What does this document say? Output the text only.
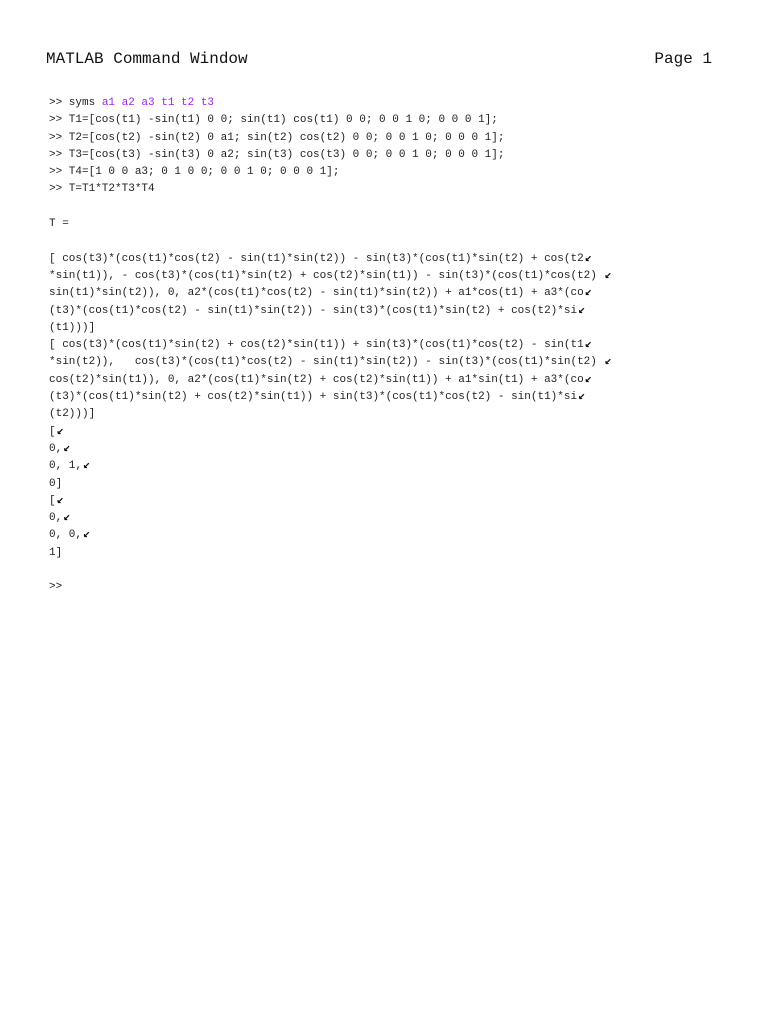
MATLAB Command Window	Page 1
>> syms a1 a2 a3 t1 t2 t3
>> T1=[cos(t1) -sin(t1) 0 0; sin(t1) cos(t1) 0 0; 0 0 1 0; 0 0 0 1];
>> T2=[cos(t2) -sin(t2) 0 a1; sin(t2) cos(t2) 0 0; 0 0 1 0; 0 0 0 1];
>> T3=[cos(t3) -sin(t3) 0 a2; sin(t3) cos(t3) 0 0; 0 0 1 0; 0 0 0 1];
>> T4=[1 0 0 a3; 0 1 0 0; 0 0 1 0; 0 0 0 1];
>> T=T1*T2*T3*T4
T =
[ cos(t3)*(cos(t1)*cos(t2) - sin(t1)*sin(t2)) - sin(t3)*(cos(t1)*sin(t2) + cos(t2↙
*sin(t1)), - cos(t3)*(cos(t1)*sin(t2) + cos(t2)*sin(t1)) - sin(t3)*(cos(t1)*cos(t2) ↙
sin(t1)*sin(t2)), 0, a2*(cos(t1)*cos(t2) - sin(t1)*sin(t2)) + a1*cos(t1) + a3*(co↙
(t3)*(cos(t1)*cos(t2) - sin(t1)*sin(t2)) - sin(t3)*(cos(t1)*sin(t2) + cos(t2)*si↙
(t1)))]
[ cos(t3)*(cos(t1)*sin(t2) + cos(t2)*sin(t1)) + sin(t3)*(cos(t1)*cos(t2) - sin(t1↙
*sin(t2)),   cos(t3)*(cos(t1)*cos(t2) - sin(t1)*sin(t2)) - sin(t3)*(cos(t1)*sin(t2) ↙
cos(t2)*sin(t1)), 0, a2*(cos(t1)*sin(t2) + cos(t2)*sin(t1)) + a1*sin(t1) + a3*(co↙
(t3)*(cos(t1)*sin(t2) + cos(t2)*sin(t1)) + sin(t3)*(cos(t1)*cos(t2) - sin(t1)*si↙
(t2)))]
[↙
0,↙
0, 1,↙
0]
[↙
0,↙
0, 0,↙
1]
>>
